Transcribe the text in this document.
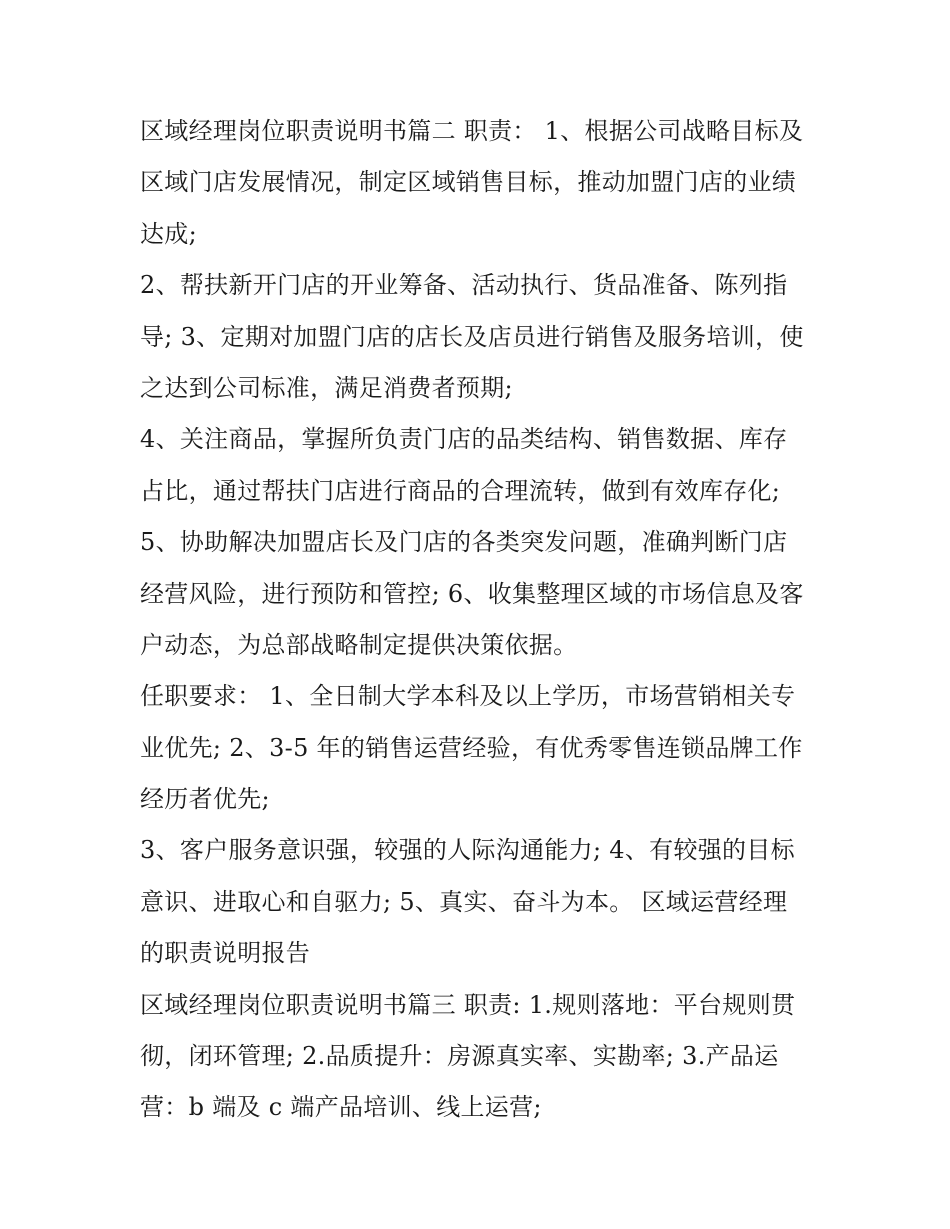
区域经理岗位职责说明书篇二 职责： 1、根据公司战略目标及
区域门店发展情况，制定区域销售目标，推动加盟门店的业绩
达成;
2、帮扶新开门店的开业筹备、活动执行、货品准备、陈列指
导; 3、定期对加盟门店的店长及店员进行销售及服务培训，使
之达到公司标准，满足消费者预期;
4、关注商品，掌握所负责门店的品类结构、销售数据、库存
占比，通过帮扶门店进行商品的合理流转，做到有效库存化;
5、协助解决加盟店长及门店的各类突发问题，准确判断门店
经营风险，进行预防和管控; 6、收集整理区域的市场信息及客
户动态，为总部战略制定提供决策依据。
任职要求： 1、全日制大学本科及以上学历，市场营销相关专
业优先; 2、3-5 年的销售运营经验，有优秀零售连锁品牌工作
经历者优先;
3、客户服务意识强，较强的人际沟通能力; 4、有较强的目标
意识、进取心和自驱力; 5、真实、奋斗为本。 区域运营经理
的职责说明报告
区域经理岗位职责说明书篇三 职责: 1.规则落地：平台规则贯
彻，闭环管理; 2.品质提升：房源真实率、实勘率; 3.产品运
营：b 端及 c 端产品培训、线上运营;
